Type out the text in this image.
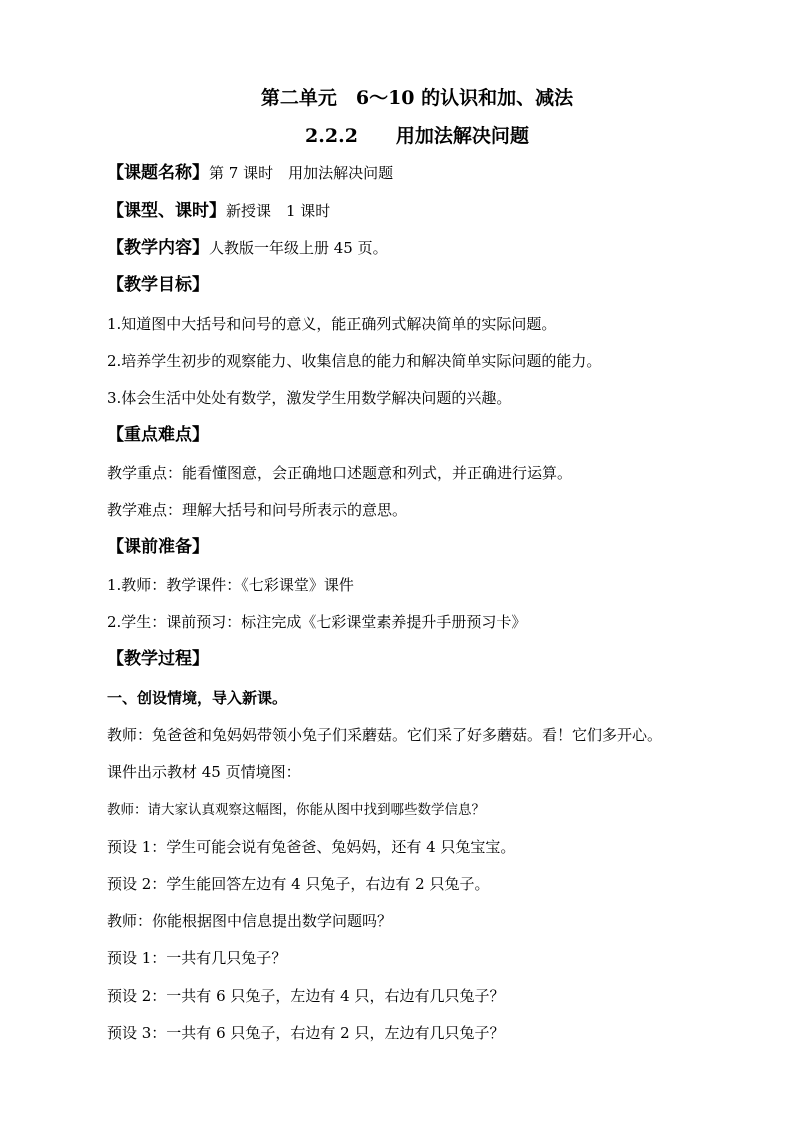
第二单元　6～10 的认识和加、减法
2.2.2　　用加法解决问题
【课题名称】第 7 课时　用加法解决问题
【课型、课时】新授课　1 课时
【教学内容】人教版一年级上册 45 页。
【教学目标】
1.知道图中大括号和问号的意义，能正确列式解决简单的实际问题。
2.培养学生初步的观察能力、收集信息的能力和解决简单实际问题的能力。
3.体会生活中处处有数学，激发学生用数学解决问题的兴趣。
【重点难点】
教学重点：能看懂图意，会正确地口述题意和列式，并正确进行运算。
教学难点：理解大括号和问号所表示的意思。
【课前准备】
1.教师：教学课件：《七彩课堂》课件
2.学生：课前预习：标注完成《七彩课堂素养提升手册预习卡》
【教学过程】
一、创设情境，导入新课。
教师：兔爸爸和兔妈妈带领小兔子们采蘑菇。它们采了好多蘑菇。看！它们多开心。
课件出示教材 45 页情境图：
教师：请大家认真观察这幅图，你能从图中找到哪些数学信息？
预设 1：学生可能会说有兔爸爸、兔妈妈，还有 4 只兔宝宝。
预设 2：学生能回答左边有 4 只兔子，右边有 2 只兔子。
教师：你能根据图中信息提出数学问题吗？
预设 1：一共有几只兔子？
预设 2：一共有 6 只兔子，左边有 4 只，右边有几只兔子？
预设 3：一共有 6 只兔子，右边有 2 只，左边有几只兔子？
